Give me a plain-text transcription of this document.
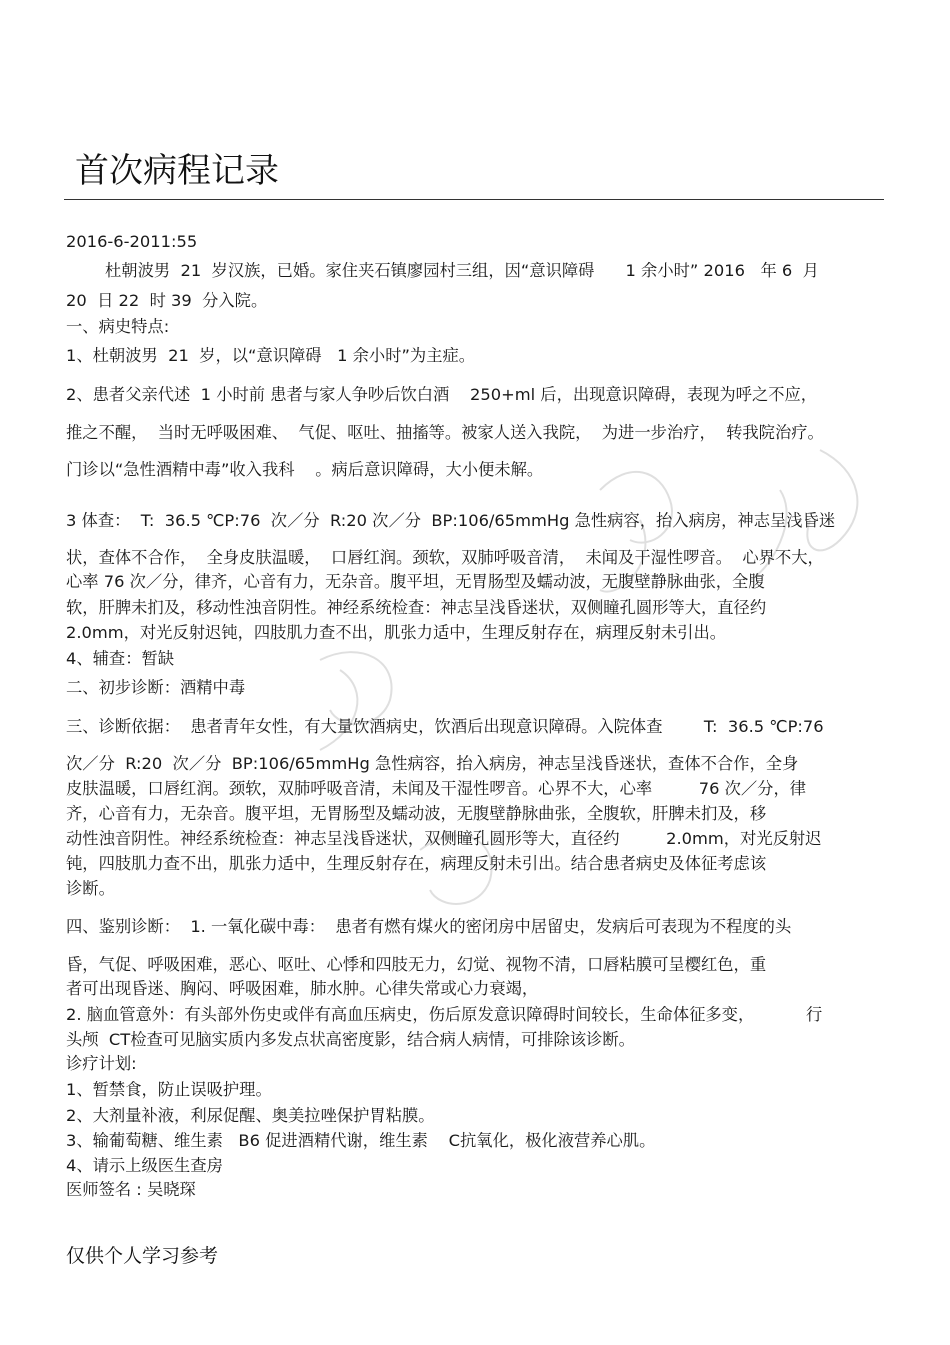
首次病程记录
2016-6-2011:55
杜朝波男  21  岁汉族，已婚。家住夹石镇廖园村三组，因“意识障碍      1 余小时” 2016   年 6  月
20  日 22  时 39  分入院。
一、病史特点:
1、杜朝波男  21  岁，以“意识障碍   1 余小时”为主症。
2、患者父亲代述  1 小时前 患者与家人争吵后饮白酒    250+ml 后，出现意识障碍，表现为呼之不应，
推之不醒，  当时无呼吸困难、  气促、呕吐、抽搐等。被家人送入我院，  为进一步治疗，  转我院治疗。
门诊以“急性酒精中毒”收入我科    。病后意识障碍，大小便未解。
3 体查：  T:  36.5 ℃P:76  次／分  R:20 次／分  BP:106/65mmHg 急性病容，抬入病房，神志呈浅昏迷
状，查体不合作，  全身皮肤温暖，  口唇红润。颈软，双肺呼吸音清，  未闻及干湿性啰音。  心界不大，
心率 76 次／分，律齐，心音有力，无杂音。腹平坦，无胃肠型及蠕动波，无腹壁静脉曲张，全腹
软，肝脾未扪及，移动性浊音阴性。神经系统检查：神志呈浅昏迷状，双侧瞳孔圆形等大，直径约
2.0mm，对光反射迟钝，四肢肌力查不出，肌张力适中，生理反射存在，病理反射未引出。
4、辅查：暂缺
二、初步诊断：酒精中毒
三、诊断依据：  患者青年女性，有大量饮酒病史，饮酒后出现意识障碍。入院体查        T:  36.5 ℃P:76
次／分  R:20  次／分  BP:106/65mmHg 急性病容，抬入病房，神志呈浅昏迷状，查体不合作，全身
皮肤温暖，口唇红润。颈软，双肺呼吸音清，未闻及干湿性啰音。心界不大，心率         76 次／分，律
齐，心音有力，无杂音。腹平坦，无胃肠型及蠕动波，无腹壁静脉曲张，全腹软，肝脾未扪及，移
动性浊音阴性。神经系统检查：神志呈浅昏迷状，双侧瞳孔圆形等大，直径约         2.0mm，对光反射迟
钝，四肢肌力查不出，肌张力适中，生理反射存在，病理反射未引出。结合患者病史及体征考虑该
诊断。
四、鉴别诊断：  1. 一氧化碳中毒：  患者有燃有煤火的密闭房中居留史，发病后可表现为不程度的头
昏，气促、呼吸困难，恶心、呕吐、心悸和四肢无力，幻觉、视物不清，口唇粘膜可呈樱红色，重
者可出现昏迷、胸闷、呼吸困难，肺水肿。心律失常或心力衰竭，
2. 脑血管意外：有头部外伤史或伴有高血压病史，伤后原发意识障碍时间较长，生命体征多变，          行
头颅  CT检查可见脑实质内多发点状高密度影，结合病人病情，可排除该诊断。
诊疗计划:
1、暂禁食，防止误吸护理。
2、大剂量补液，利尿促醒、奥美拉唑保护胃粘膜。
3、输葡萄糖、维生素   B6 促进酒精代谢，维生素    C抗氧化，极化液营养心肌。
4、请示上级医生查房
医师签名 : 吴晓琛
仅供个人学习参考
